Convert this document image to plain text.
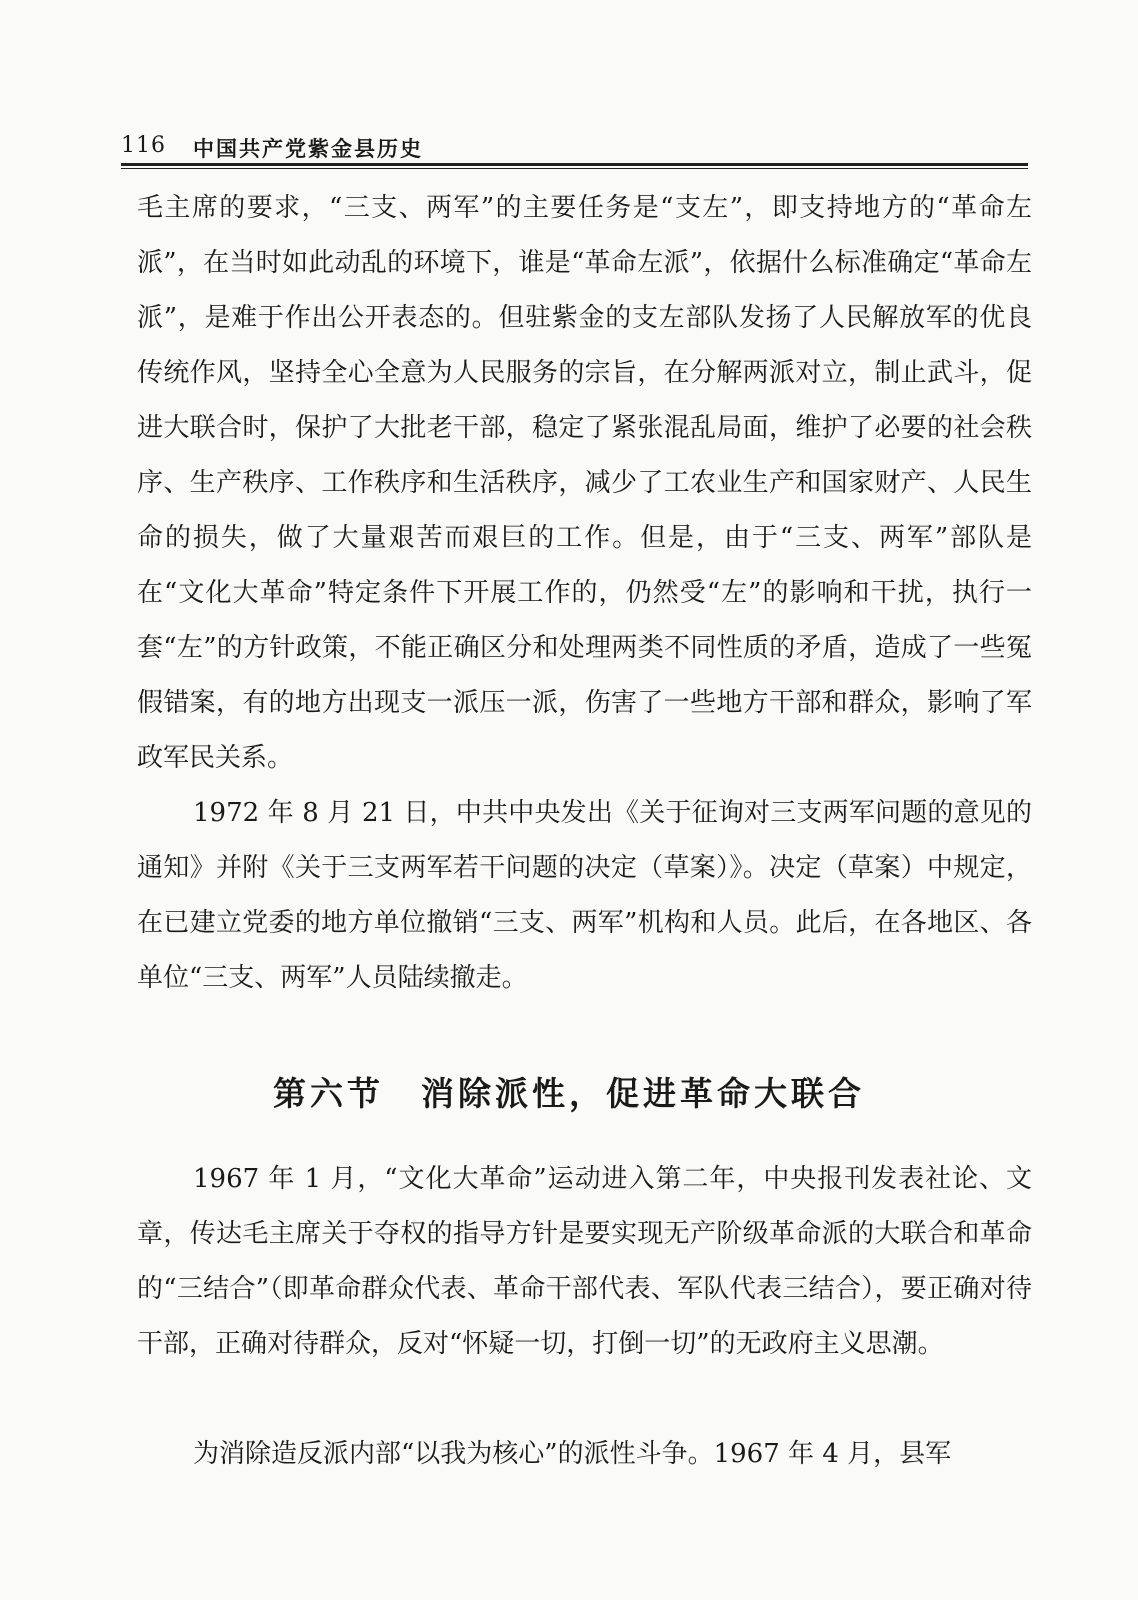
116 中国共产党紫金县历史

毛主席的要求，“三支、两军”的主要任务是“支左”，即支持地方的“革命左派”，在当时如此动乱的环境下，谁是“革命左派”，依据什么标准确定“革命左派”，是难于作出公开表态的。但驻紫金的支左部队发扬了人民解放军的优良传统作风，坚持全心全意为人民服务的宗旨，在分解两派对立，制止武斗，促进大联合时，保护了大批老干部，稳定了紧张混乱局面，维护了必要的社会秩序、生产秩序、工作秩序和生活秩序，减少了工农业生产和国家财产、人民生命的损失，做了大量艰苦而艰巨的工作。但是，由于“三支、两军”部队是在“文化大革命”特定条件下开展工作的，仍然受“左”的影响和干扰，执行一套“左”的方针政策，不能正确区分和处理两类不同性质的矛盾，造成了一些冤假错案，有的地方出现支一派压一派，伤害了一些地方干部和群众，影响了军政军民关系。

1972 年 8 月 21 日，中共中央发出《关于征询对三支两军问题的意见的通知》并附《关于三支两军若干问题的决定（草案）》。决定（草案）中规定，在已建立党委的地方单位撤销“三支、两军”机构和人员。此后，在各地区、各单位“三支、两军”人员陆续撤走。

第六节　消除派性，促进革命大联合

1967 年 1 月，“文化大革命”运动进入第二年，中央报刊发表社论、文章，传达毛主席关于夺权的指导方针是要实现无产阶级革命派的大联合和革命的“三结合”（即革命群众代表、革命干部代表、军队代表三结合），要正确对待干部，正确对待群众，反对“怀疑一切，打倒一切”的无政府主义思潮。

为消除造反派内部“以我为核心”的派性斗争。1967 年 4 月，县军
